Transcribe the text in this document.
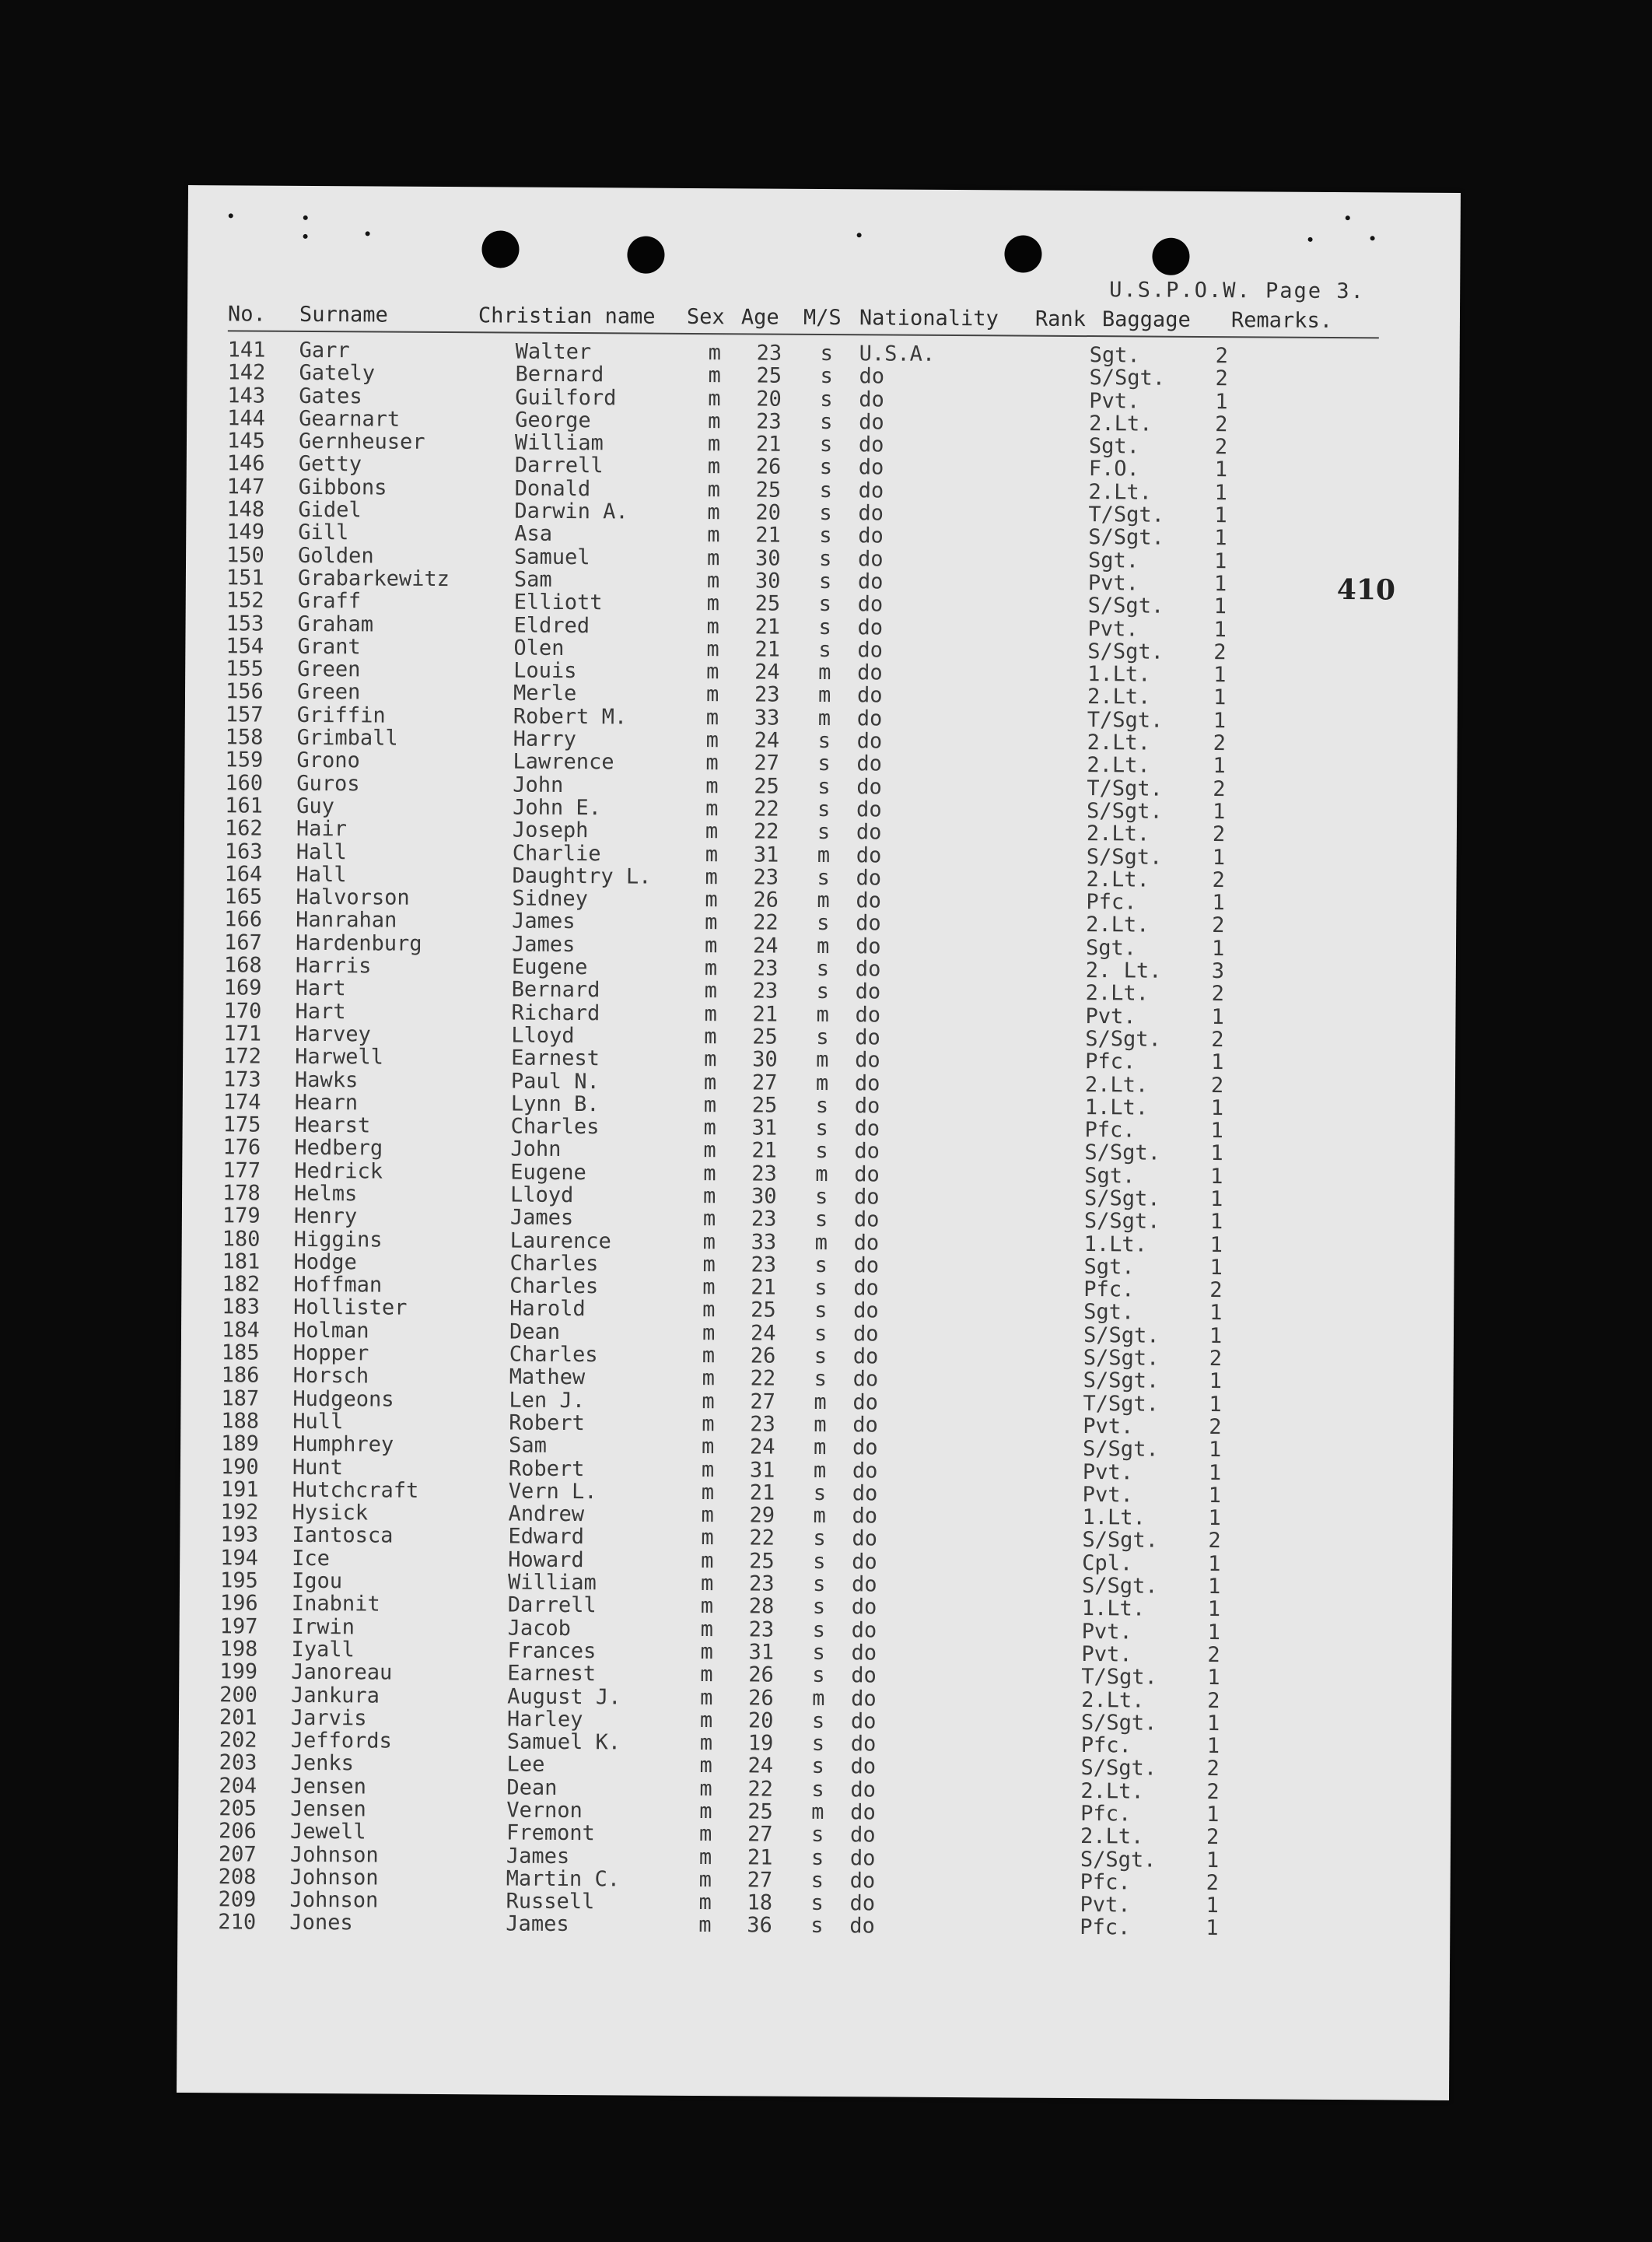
U.S.P.O.W. Page 3.
No. Surname	Christian name Sex Age M/S Nationality Rank Baggage Remarks.
141 Garr	Walter	m 23 s U.S.A.	Sgt.	2
142 Gately	Bernard	m 25 s do	S/Sgt. 2
143 Gates	Guilford	m 20 s do	Pvt.	1
144 Gearnart	George	m 23 s do	2.Lt.	2
145 Gernheuser	William	m 21 s do	Sgt.	2
146 Getty	Darrell	m 26 s do	F.O.	1
147 Gibbons	Donald	m 25 s do	2.Lt.	1
148 Gidel	Darwin A.	m 20 s do	T/Sgt. 1
149 Gill	Asa	m 21 s do	S/Sgt. 1
150 Golden	Samuel	m 30 s do	Sgt.	1
151 Grabarkewitz	Sam	m 30 s do	Pvt.	1
152 Graff	Elliott	m 25 s do	S/Sgt. 1
153 Graham	Eldred	m 21 s do	Pvt.	1
154 Grant	Olen	m 21 s do	S/Sgt. 2
155 Green	Louis	m 24 m do	1.Lt.	1
156 Green	Merle	m 23 m do	2.Lt.	1
157 Griffin	Robert M.	m 33 m do	T/Sgt. 1
158 Grimball	Harry	m 24 s do	2.Lt.	2
159 Grono	Lawrence	m 27 s do	2.Lt.	1
160 Guros	John	m 25 s do	T/Sgt. 2
161 Guy	John E.	m 22 s do	S/Sgt. 1
162 Hair	Joseph	m 22 s do	2.Lt.	2
163 Hall	Charlie	m 31 m do	S/Sgt. 1
164 Hall	Daughtry L.	m 23 s do	2.Lt.	2
165 Halvorson	Sidney	m 26 m do	Pfc.	1
166 Hanrahan	James	m 22 s do	2.Lt.	2
167 Hardenburg	James	m 24 m do	Sgt.	1
168 Harris	Eugene	m 23 s do	2. Lt. 3
169 Hart	Bernard	m 23 s do	2.Lt.	2
170 Hart	Richard	m 21 m do	Pvt.	1
171 Harvey	Lloyd	m 25 s do	S/Sgt. 2
172 Harwell	Earnest	m 30 m do	Pfc.	1
173 Hawks	Paul N.	m 27 m do	2.Lt.	2
174 Hearn	Lynn B.	m 25 s do	1.Lt.	1
175 Hearst	Charles	m 31 s do	Pfc.	1
176 Hedberg	John	m 21 s do	S/Sgt. 1
177 Hedrick	Eugene	m 23 m do	Sgt.	1
178 Helms	Lloyd	m 30 s do	S/Sgt. 1
179 Henry	James	m 23 s do	S/Sgt. 1
180 Higgins	Laurence	m 33 m do	1.Lt.	1
181 Hodge	Charles	m 23 s do	Sgt.	1
182 Hoffman	Charles	m 21 s do	Pfc.	2
183 Hollister	Harold	m 25 s do	Sgt.	1
184 Holman	Dean	m 24 s do	S/Sgt. 1
185 Hopper	Charles	m 26 s do	S/Sgt. 2
186 Horsch	Mathew	m 22 s do	S/Sgt. 1
187 Hudgeons	Len J.	m 27 m do	T/Sgt. 1
188 Hull	Robert	m 23 m do	Pvt.	2
189 Humphrey	Sam	m 24 m do	S/Sgt. 1
190 Hunt	Robert	m 31 m do	Pvt.	1
191 Hutchcraft	Vern L.	m 21 s do	Pvt.	1
192 Hysick	Andrew	m 29 m do	1.Lt.	1
193 Iantosca	Edward	m 22 s do	S/Sgt. 2
194 Ice	Howard	m 25 s do	Cpl.	1
195 Igou	William	m 23 s do	S/Sgt. 1
196 Inabnit	Darrell	m 28 s do	1.Lt.	1
197 Irwin	Jacob	m 23 s do	Pvt.	1
198 Iyall	Frances	m 31 s do	Pvt.	2
199 Janoreau	Earnest	m 26 s do	T/Sgt. 1
200 Jankura	August J.	m 26 m do	2.Lt.	2
201 Jarvis	Harley	m 20 s do	S/Sgt. 1
202 Jeffords	Samuel K.	m 19 s do	Pfc.	1
203 Jenks	Lee	m 24 s do	S/Sgt. 2
204 Jensen	Dean	m 22 s do	2.Lt.	2
205 Jensen	Vernon	m 25 m do	Pfc.	1
206 Jewell	Fremont	m 27 s do	2.Lt.	2
207 Johnson	James	m 21 s do	S/Sgt. 1
208 Johnson	Martin C.	m 27 s do	Pfc.	2
209 Johnson	Russell	m 18 s do	Pvt.	1
210 Jones	James	m 36 s do	Pfc.	1
410
